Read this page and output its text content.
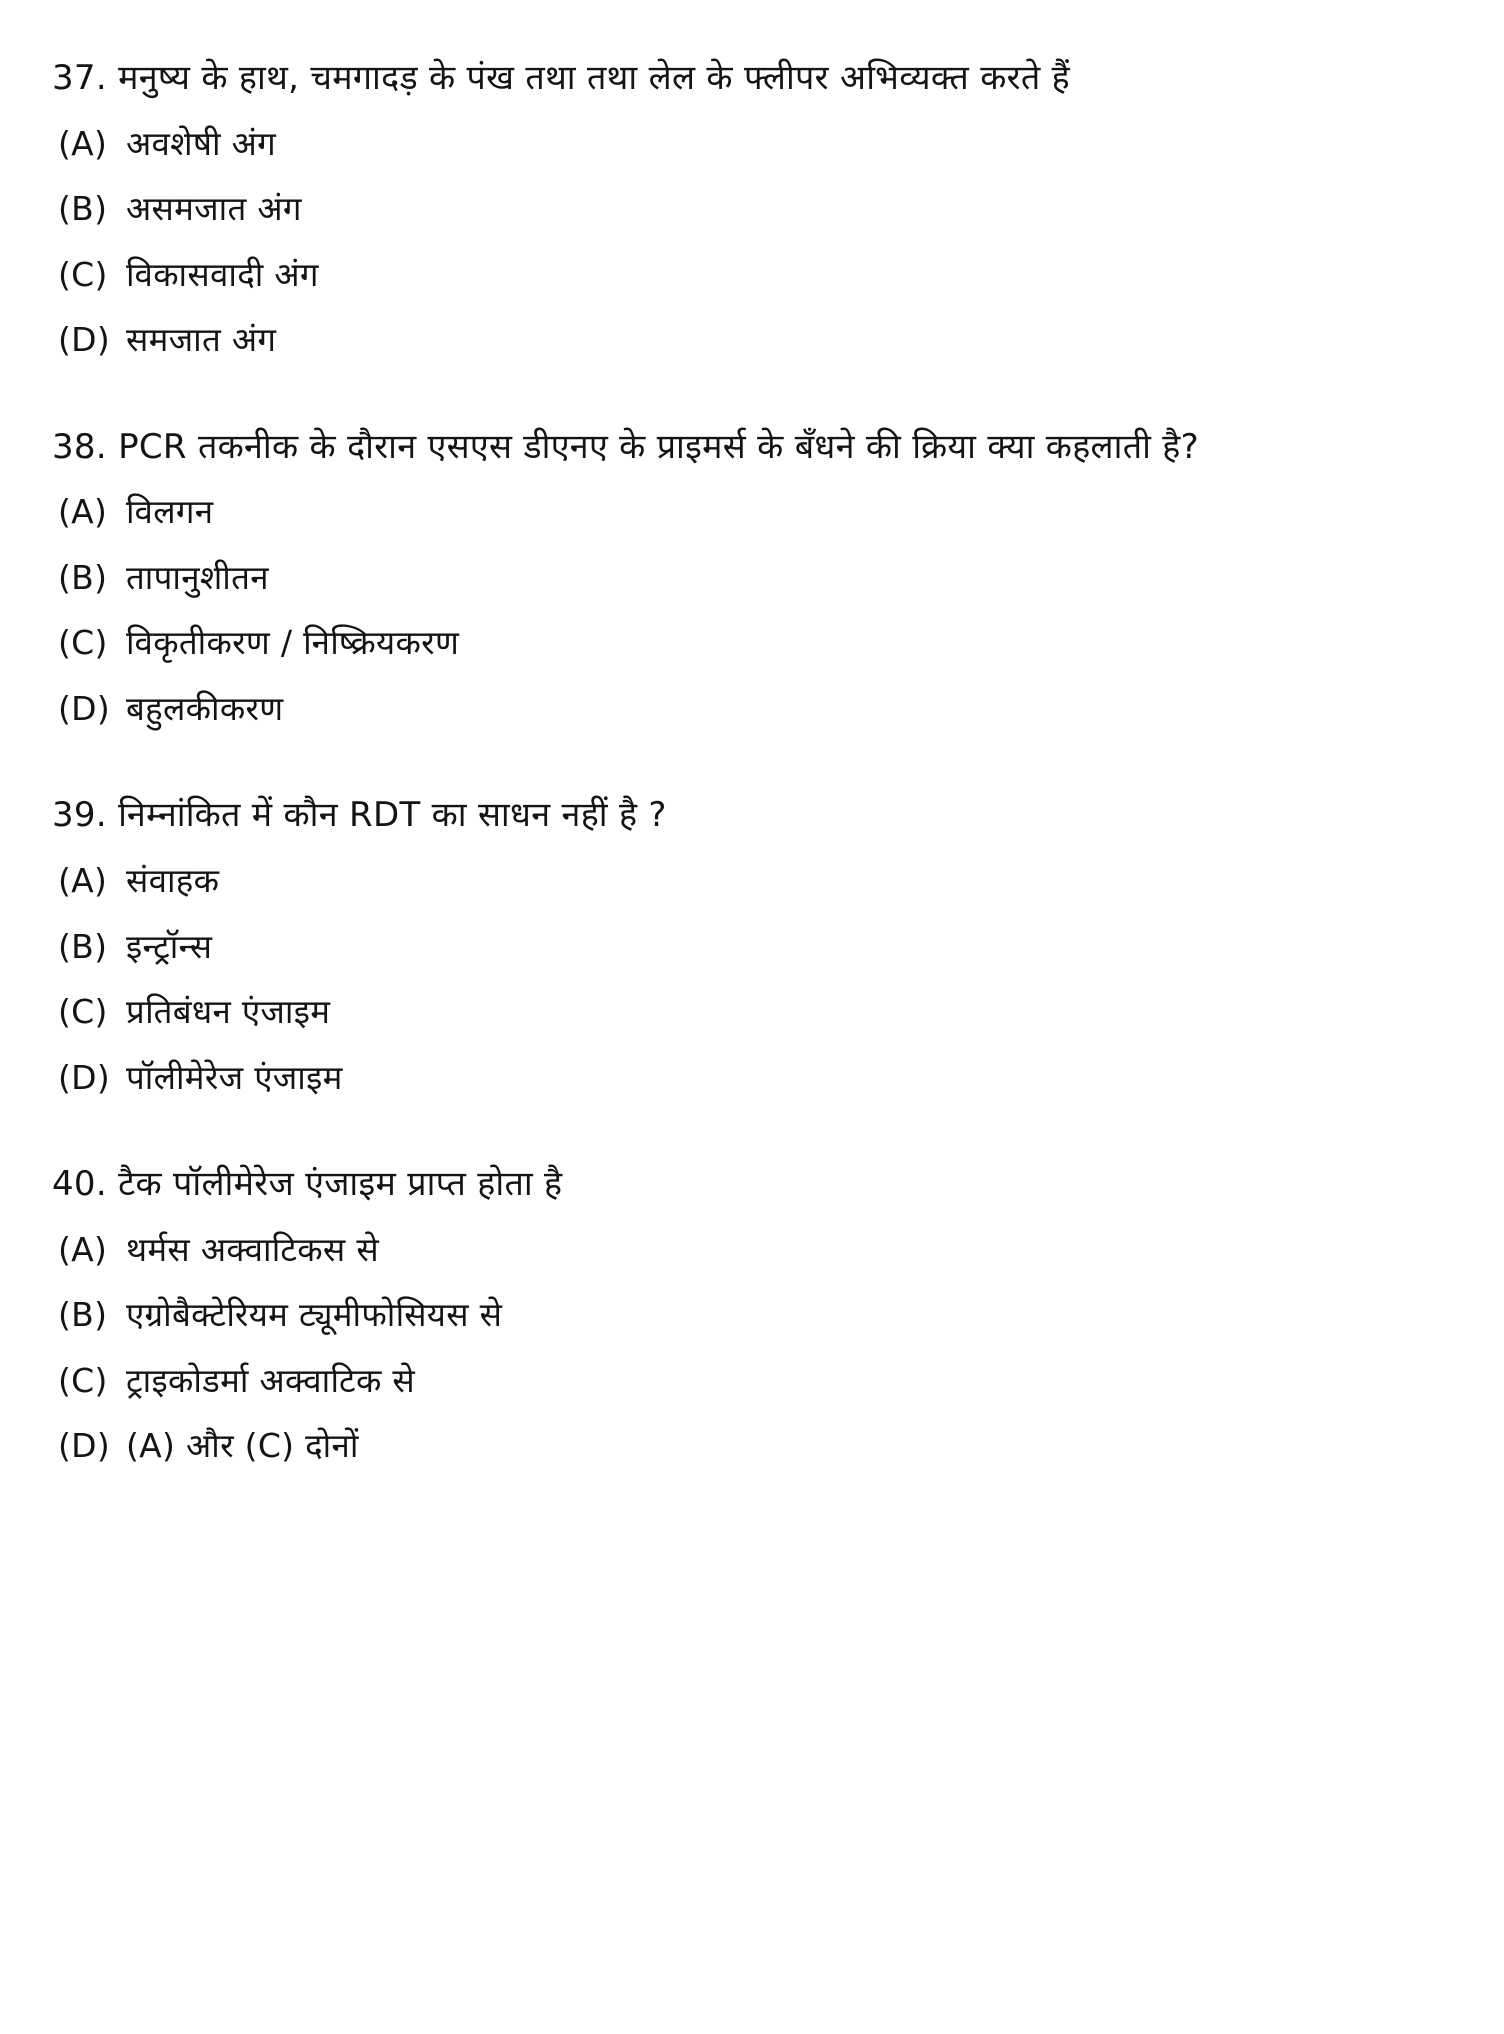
37. मनुष्य के हाथ, चमगादड़ के पंख तथा तथा लेल के फ्लीपर अभिव्यक्त करते हैं

(A) अवशेषी अंग
(B) असमजात अंग
(C) विकासवादी अंग
(D) समजात अंग

38. PCR तकनीक के दौरान एसएस डीएनए के प्राइमर्स के बँधने की क्रिया क्या कहलाती है?

(A) विलगन
(B) तापानुशीतन
(C) विकृतीकरण / निष्क्रियकरण
(D) बहुलकीकरण

39. निम्नांकित में कौन RDT का साधन नहीं है ?

(A) संवाहक
(B) इन्ट्रॉन्स
(C) प्रतिबंधन एंजाइम
(D) पॉलीमेरेज एंजाइम

40. टैक पॉलीमेरेज एंजाइम प्राप्त होता है

(A) थर्मस अक्वाटिकस से
(B) एग्रोबैक्टेरियम ट्यूमीफोसियस से
(C) ट्राइकोडर्मा अक्वाटिक से
(D) (A) और (C) दोनों
